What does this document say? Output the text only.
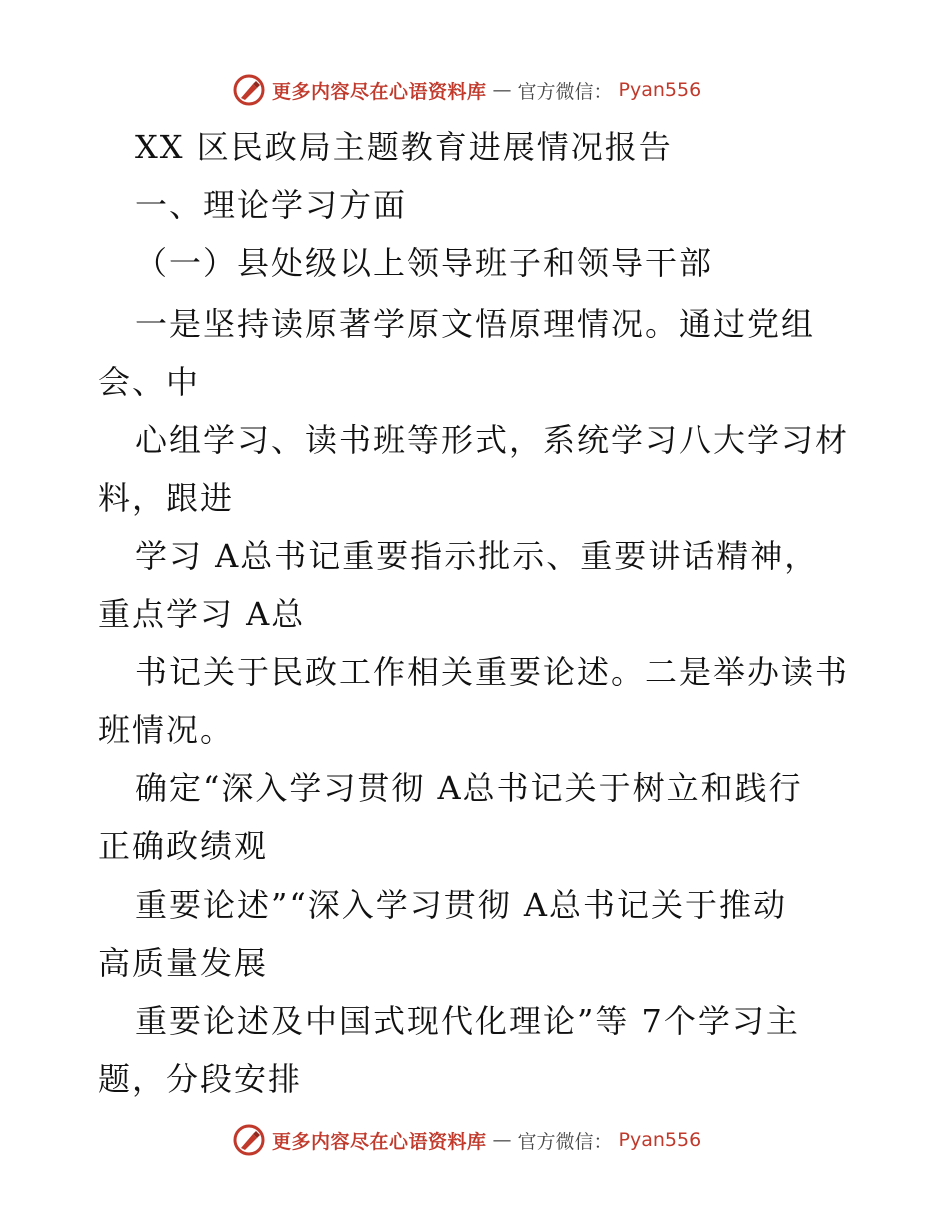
更多内容尽在心语资料库 — 官方微信： Pyan556
XX 区民政局主题教育进展情况报告
一、理论学习方面
（一）县处级以上领导班子和领导干部
一是坚持读原著学原文悟原理情况。通过党组
会、中
心组学习、读书班等形式，系统学习八大学习材
料，跟进
学习 A总书记重要指示批示、重要讲话精神，
重点学习 A总
书记关于民政工作相关重要论述。二是举办读书
班情况。
确定“深入学习贯彻 A总书记关于树立和践行
正确政绩观
重要论述”“深入学习贯彻 A总书记关于推动
高质量发展
重要论述及中国式现代化理论”等 7个学习主
题，分段安排
更多内容尽在心语资料库 — 官方微信： Pyan556
